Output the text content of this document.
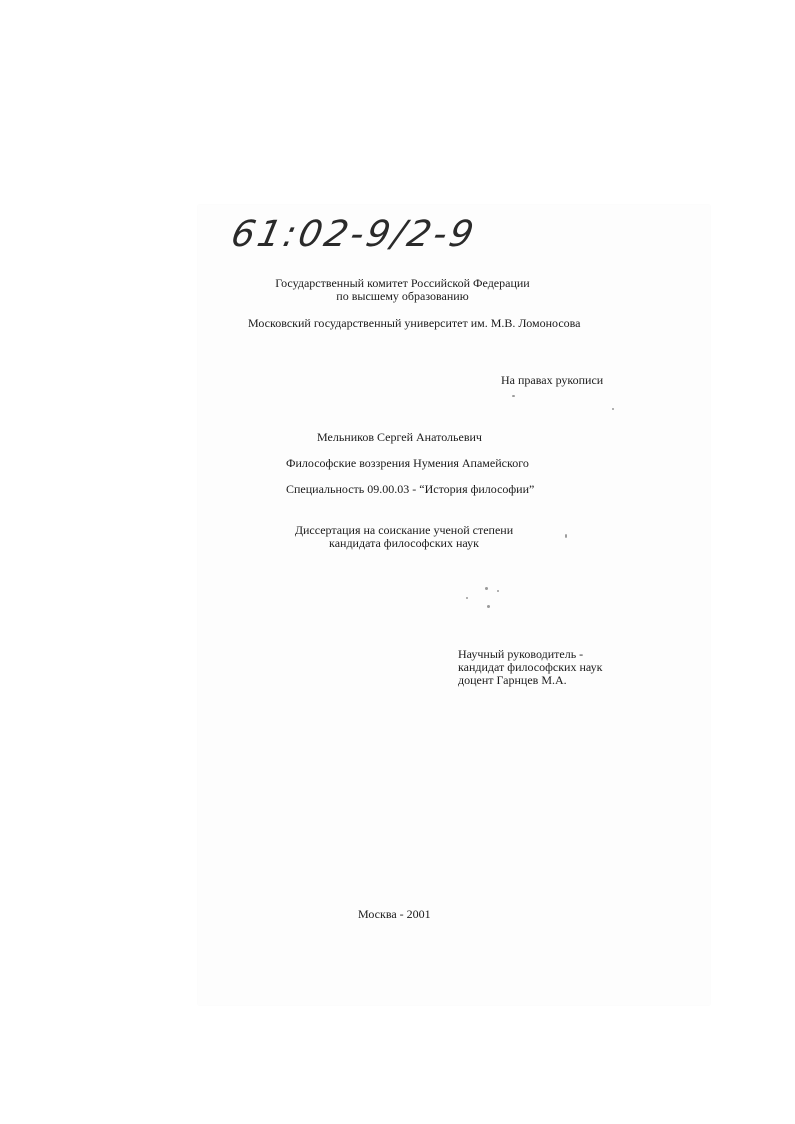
61:02-9/2-9
Государственный комитет Российской Федерации
по высшему образованию
Московский государственный университет им. М.В. Ломоносова
На правах рукописи
Мельников Сергей Анатольевич
Философские воззрения Нумения Апамейского
Специальность 09.00.03 - “История философии”
Диссертация на соискание ученой степени
кандидата философских наук
Научный руководитель -
кандидат философских наук
доцент Гарнцев М.А.
Москва - 2001
